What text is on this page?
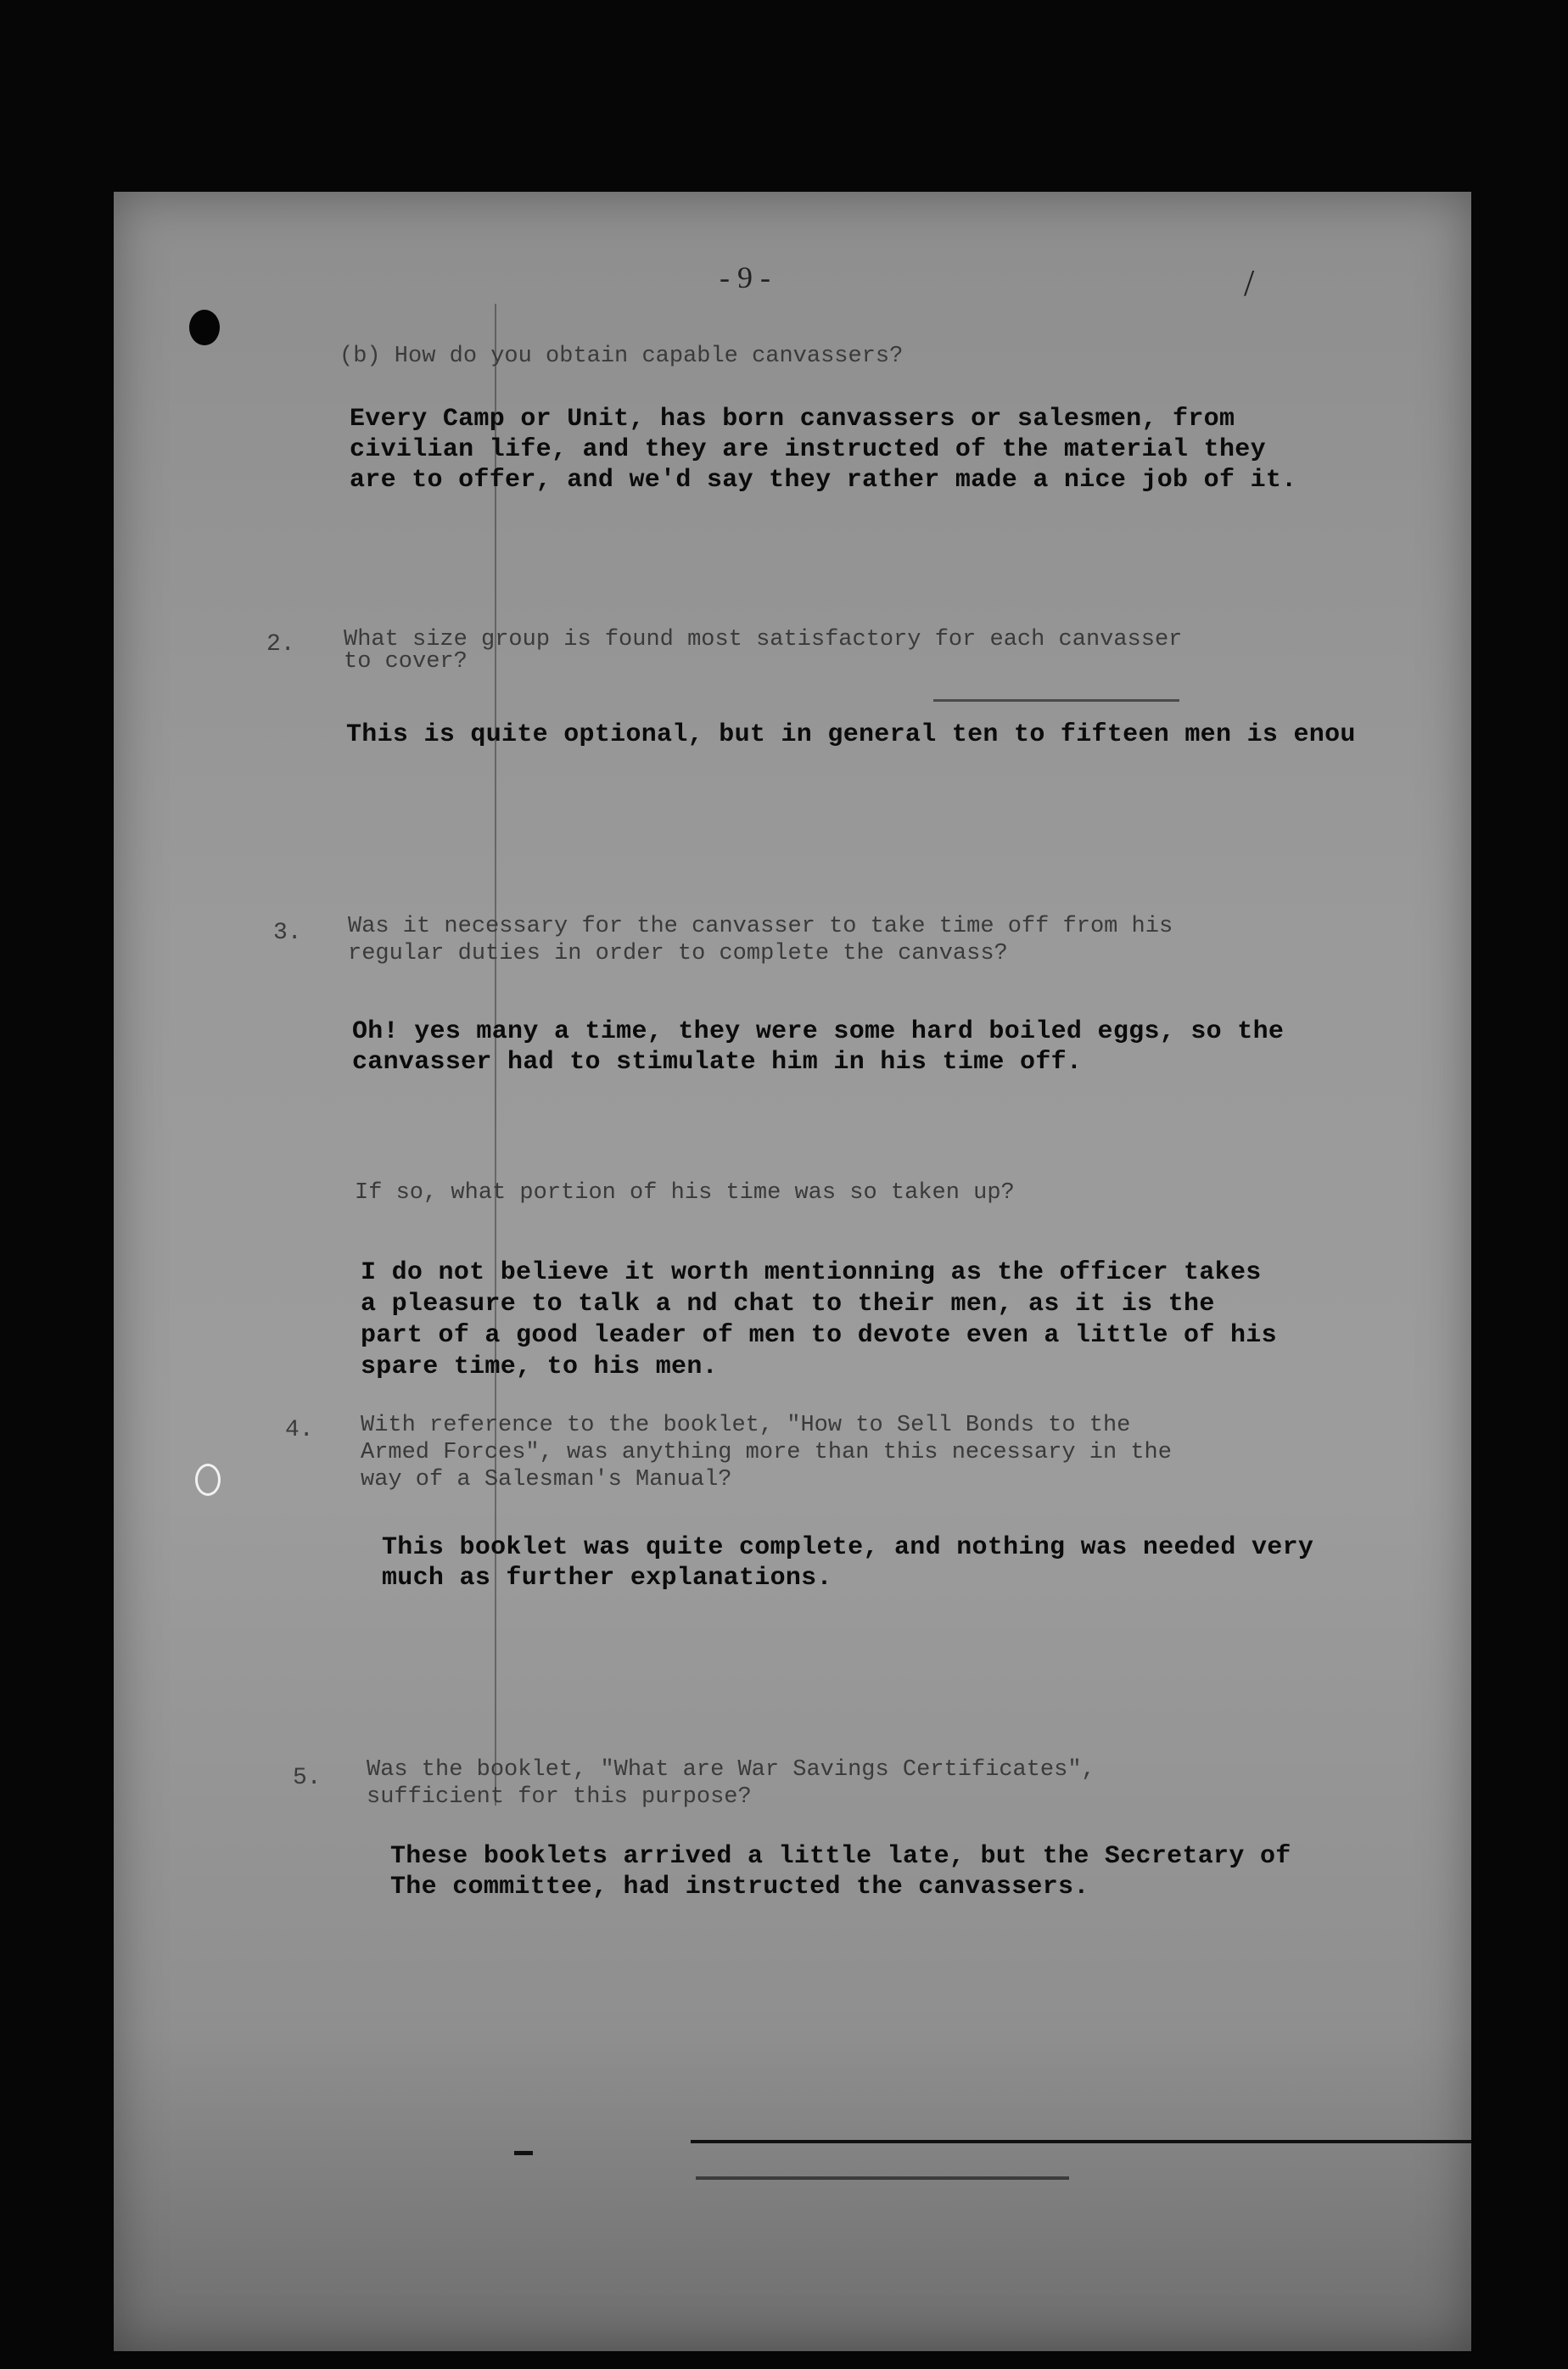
- 9 -	/

(b) How do you obtain capable canvassers?
Every Camp or Unit, has born canvassers or salesmen, from
civilian life, and they are instructed of the material they
are to offer, and we'd say they rather made a nice job of it.

2. What size group is found most satisfactory for each canvasser
to cover?
This is quite optional, but in general ten to fifteen men is enou

3. Was it necessary for the canvasser to take time off from his
regular duties in order to complete the canvass?
Oh! yes many a time, they were some hard boiled eggs, so the
canvasser had to stimulate him in his time off.
If so, what portion of his time was so taken up?
I do not believe it worth mentionning as the officer takes
a pleasure to talk a nd chat to their men, as it is the
part of a good leader of men to devote even a little of his
spare time, to his men.

4. With reference to the booklet, "How to Sell Bonds to the
Armed Forces", was anything more than this necessary in the
way of a Salesman's Manual?
This booklet was quite complete, and nothing was needed very
much as further explanations.

5. Was the booklet, "What are War Savings Certificates",
sufficient for this purpose?
These booklets arrived a little late, but the Secretary of
The committee, had instructed the canvassers.
